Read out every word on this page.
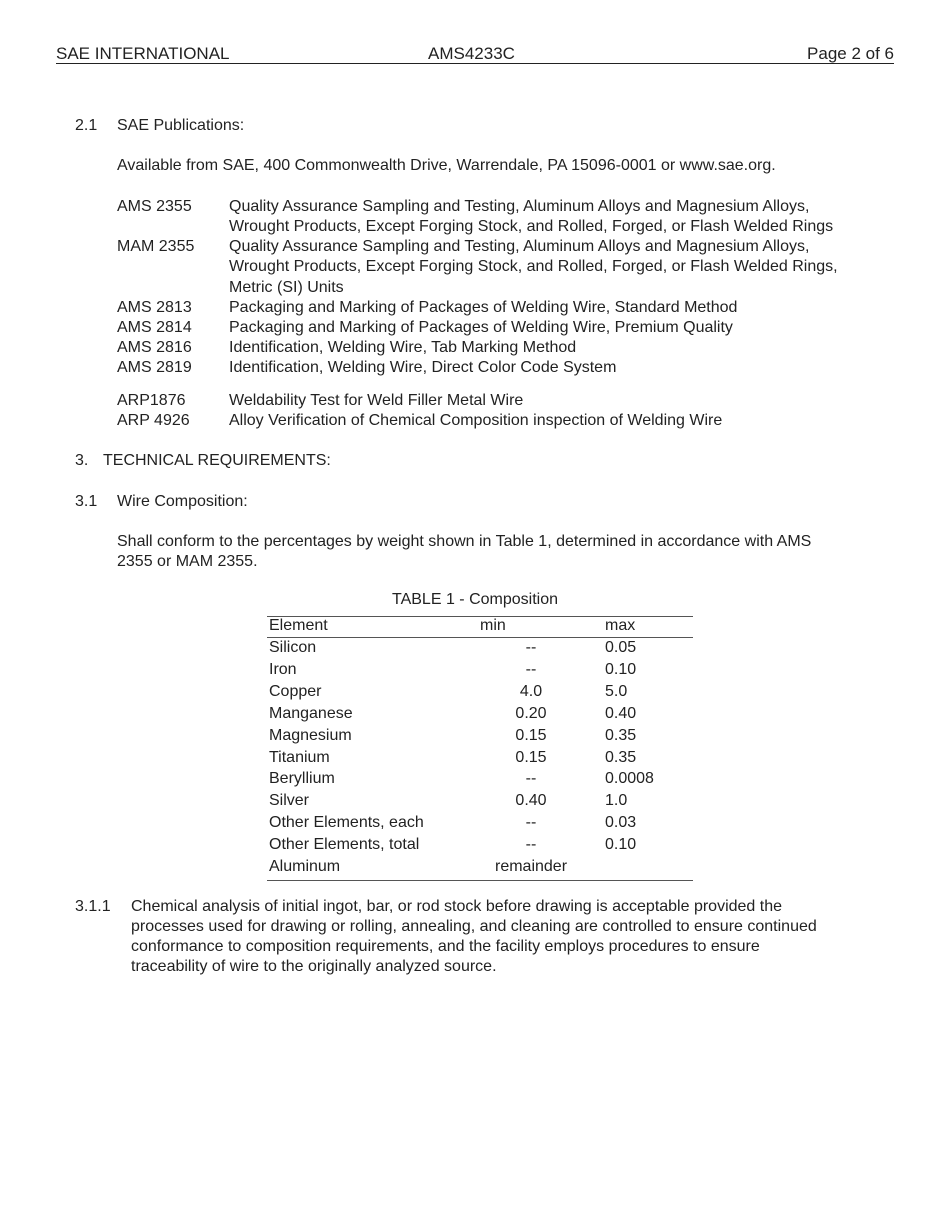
SAE INTERNATIONAL	AMS4233C	Page 2 of 6
2.1 SAE Publications:
Available from SAE, 400 Commonwealth Drive, Warrendale, PA 15096-0001 or www.sae.org.
AMS 2355 Quality Assurance Sampling and Testing, Aluminum Alloys and Magnesium Alloys,
Wrought Products, Except Forging Stock, and Rolled, Forged, or Flash Welded Rings
MAM 2355 Quality Assurance Sampling and Testing, Aluminum Alloys and Magnesium Alloys,
Wrought Products, Except Forging Stock, and Rolled, Forged, or Flash Welded Rings,
Metric (SI) Units
AMS 2813 Packaging and Marking of Packages of Welding Wire, Standard Method
AMS 2814 Packaging and Marking of Packages of Welding Wire, Premium Quality
AMS 2816 Identification, Welding Wire, Tab Marking Method
AMS 2819 Identification, Welding Wire, Direct Color Code System
ARP1876	Weldability Test for Weld Filler Metal Wire
ARP 4926 Alloy Verification of Chemical Composition inspection of Welding Wire
3. TECHNICAL REQUIREMENTS:
3.1 Wire Composition:
Shall conform to the percentages by weight shown in Table 1, determined in accordance with AMS
2355 or MAM 2355.
TABLE 1 - Composition
Element	min	max
Silicon	--	0.05
Iron	--	0.10
Copper	4.0	5.0
Manganese	0.20	0.40
Magnesium	0.15	0.35
Titanium	0.15	0.35
Beryllium	--	0.0008
Silver	0.40	1.0
Other Elements, each	--	0.03
Other Elements, total	--	0.10
Aluminum	remainder
3.1.1 Chemical analysis of initial ingot, bar, or rod stock before drawing is acceptable provided the
processes used for drawing or rolling, annealing, and cleaning are controlled to ensure continued
conformance to composition requirements, and the facility employs procedures to ensure
traceability of wire to the originally analyzed source.
